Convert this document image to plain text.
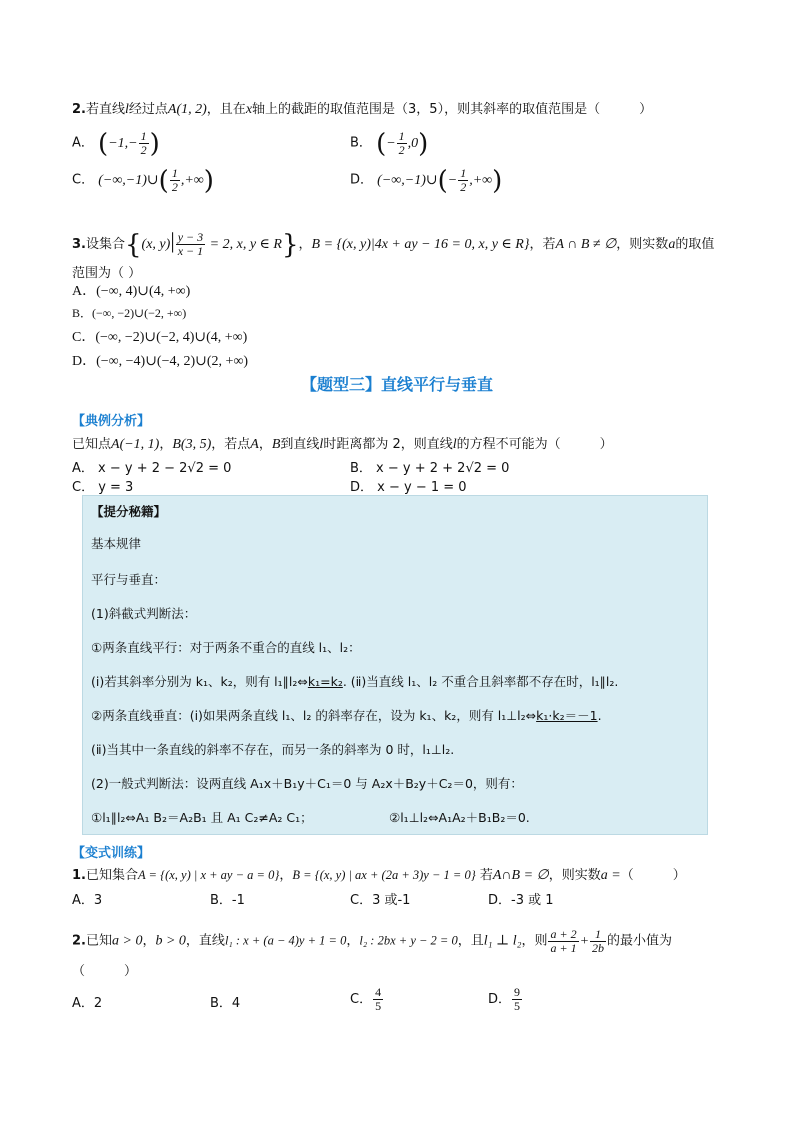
2.若直线l经过点A(1, 2)，且在x轴上的截距的取值范围是（3，5），则其斜率的取值范围是（　　　）
A． ($-1,- \frac{1}{2}$ )	B． (− $\frac{1}{2} ,0$)
C． (−∞,−1)∪( $\frac{1}{2}$ ,+∞)	D． (−∞,−1)∪(− $\frac{1}{2}$ ,+∞)
3.设集合{(x, $y)| \frac{y - 3}{x - 1} = 2$, x, y ∈ R}，B = {(x, y)|4x + ay − 16 = 0, x, y ∈ R}，若A ∩ B ≠ ∅，则实数a的取值
范围为（ ）
A．(−∞, 4)∪(4, +∞)
B．(−∞, −2)∪(−2, +∞)
C．(−∞, −2)∪(−2, 4)∪(4, +∞)
D．(−∞, −4)∪(−4, 2)∪(2, +∞)
【题型三】直线平行与垂直
【典例分析】
已知点A(−1, 1)，B(3, 5)，若点A，B到直线l时距离都为 2，则直线l的方程不可能为（　　　）
A． x − y + 2 − 2√2 = 0	B． x − y + 2 + 2√2 = 0
C． y = 3	D． x − y − 1 = 0
【提分秘籍】
基本规律
平行与垂直：
(1)斜截式判断法：
①两条直线平行：对于两条不重合的直线 l₁、l₂：
(ⅰ)若其斜率分别为 k₁、k₂，则有 l₁∥l₂⇔k₁=k₂. (ⅱ)当直线 l₁、l₂ 不重合且斜率都不存在时，l₁∥l₂.
②两条直线垂直：(ⅰ)如果两条直线 l₁、l₂ 的斜率存在，设为 k₁、k₂，则有 l₁⊥l₂⇔k₁·k₂＝－1.
(ⅱ)当其中一条直线的斜率不存在，而另一条的斜率为 0 时，l₁⊥l₂.
(2)一般式判断法：设两直线 A₁x＋B₁y＋C₁＝0 与 A₂x＋B₂y＋C₂＝0，则有：
①l₁∥l₂⇔A₁ B₂＝A₂B₁ 且 A₁ C₂≠A₂ C₁；	②l₁⊥l₂⇔A₁A₂＋B₁B₂＝0.
【变式训练】
1.已知集合A = {(x, y) | x + ay − a = 0}，B = {(x, y) | ax + (2a + 3)y − 1 = 0} 若A∩B = ∅，则实数a =（　　　）
A．3	B．-1	C．3 或-1	D．-3 或 1
2.已知a > 0，b > 0，直线l₁ : x + (a − 4)y + 1 = 0，l₂ : 2bx + y − 2 = 0，且l₁ ⊥ l₂，则 $\frac{a + 2}{a + 1} + \frac{1}{2b}$ 的最小值为
（　　　）
A．2	B．4	C． $\frac{4}{5}$	D． $\frac{9}{5}$
